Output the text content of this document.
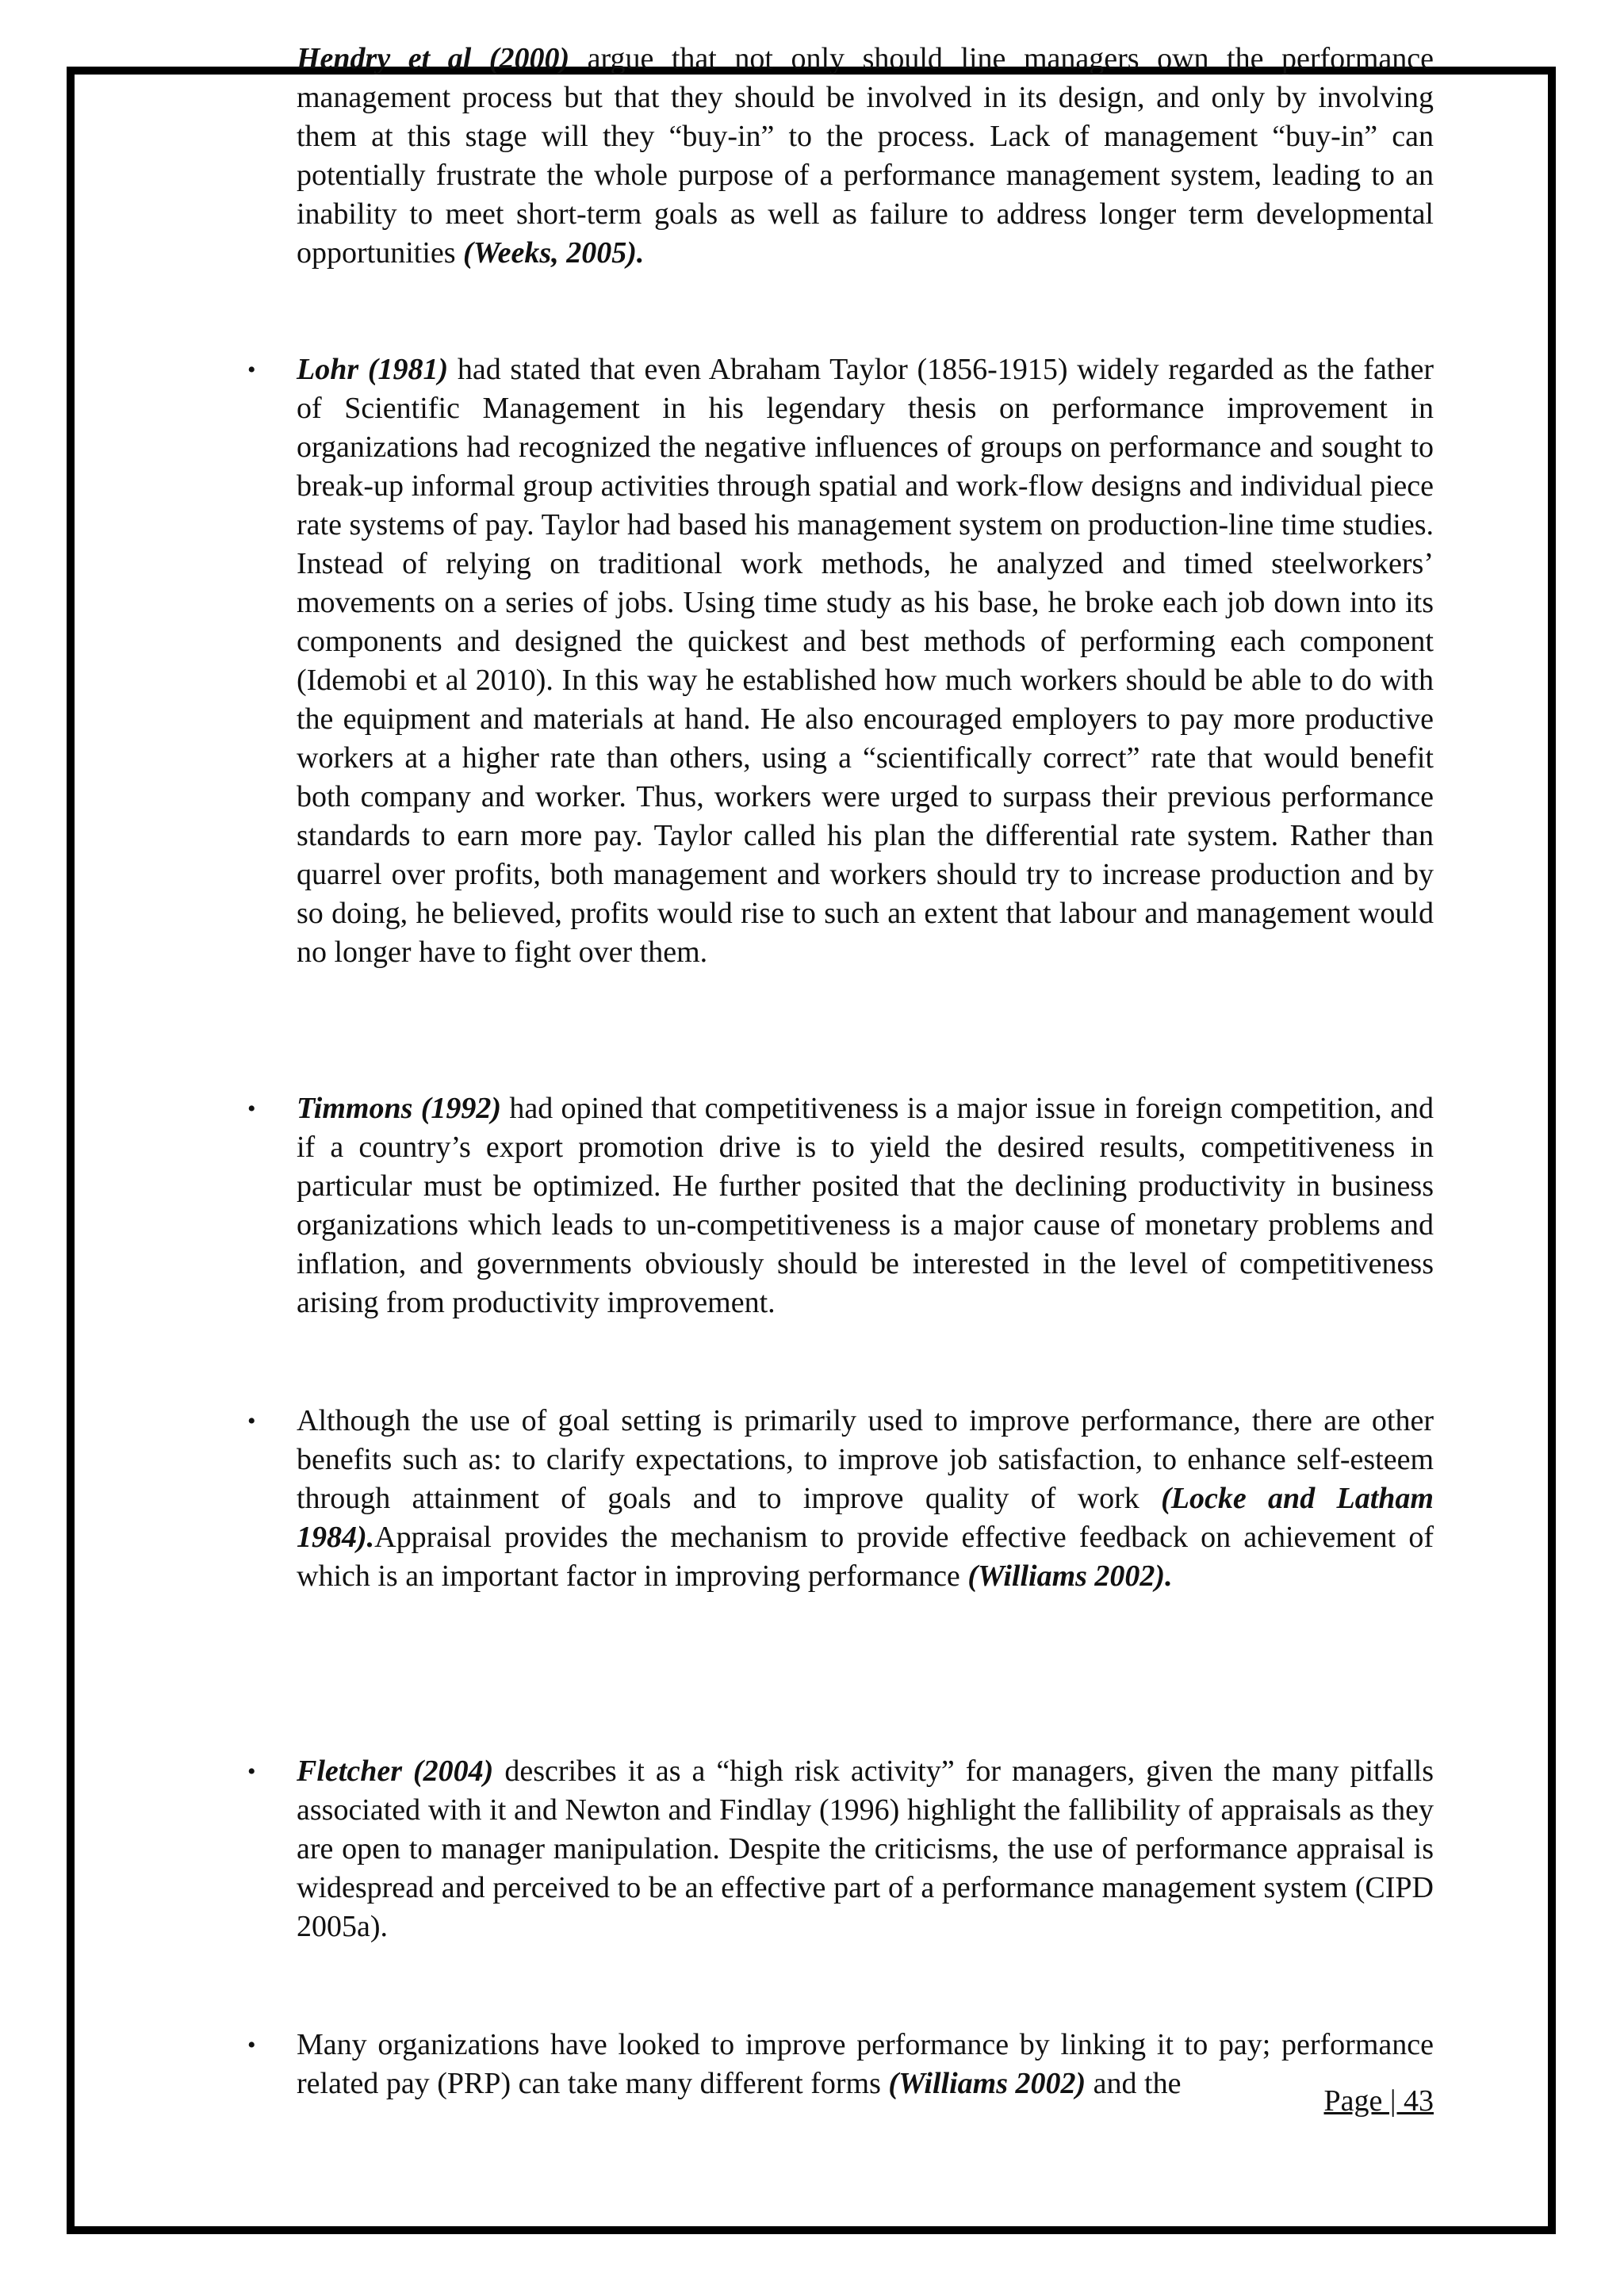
Hendry et al (2000) argue that not only should line managers own the performance management process but that they should be involved in its design, and only by involving them at this stage will they “buy-in” to the process. Lack of management “buy-in” can potentially frustrate the whole purpose of a performance management system, leading to an inability to meet short-term goals as well as failure to address longer term developmental opportunities (Weeks, 2005).

• Lohr (1981) had stated that even Abraham Taylor (1856-1915) widely regarded as the father of Scientific Management in his legendary thesis on performance improvement in organizations had recognized the negative influences of groups on performance and sought to break-up informal group activities through spatial and work-flow designs and individual piece rate systems of pay. Taylor had based his management system on production-line time studies. Instead of relying on traditional work methods, he analyzed and timed steelworkers’ movements on a series of jobs. Using time study as his base, he broke each job down into its components and designed the quickest and best methods of performing each component (Idemobi et al 2010). In this way he established how much workers should be able to do with the equipment and materials at hand. He also encouraged employers to pay more productive workers at a higher rate than others, using a “scientifically correct” rate that would benefit both company and worker. Thus, workers were urged to surpass their previous performance standards to earn more pay. Taylor called his plan the differential rate system. Rather than quarrel over profits, both management and workers should try to increase production and by so doing, he believed, profits would rise to such an extent that labour and management would no longer have to fight over them.

• Timmons (1992) had opined that competitiveness is a major issue in foreign competition, and if a country’s export promotion drive is to yield the desired results, competitiveness in particular must be optimized. He further posited that the declining productivity in business organizations which leads to un-competitiveness is a major cause of monetary problems and inflation, and governments obviously should be interested in the level of competitiveness arising from productivity improvement.

• Although the use of goal setting is primarily used to improve performance, there are other benefits such as: to clarify expectations, to improve job satisfaction, to enhance self-esteem through attainment of goals and to improve quality of work (Locke and Latham 1984).Appraisal provides the mechanism to provide effective feedback on achievement of which is an important factor in improving performance (Williams 2002).

• Fletcher (2004) describes it as a “high risk activity” for managers, given the many pitfalls associated with it and Newton and Findlay (1996) highlight the fallibility of appraisals as they are open to manager manipulation. Despite the criticisms, the use of performance appraisal is widespread and perceived to be an effective part of a performance management system (CIPD 2005a).

• Many organizations have looked to improve performance by linking it to pay; performance related pay (PRP) can take many different forms (Williams 2002) and the

Page | 43
